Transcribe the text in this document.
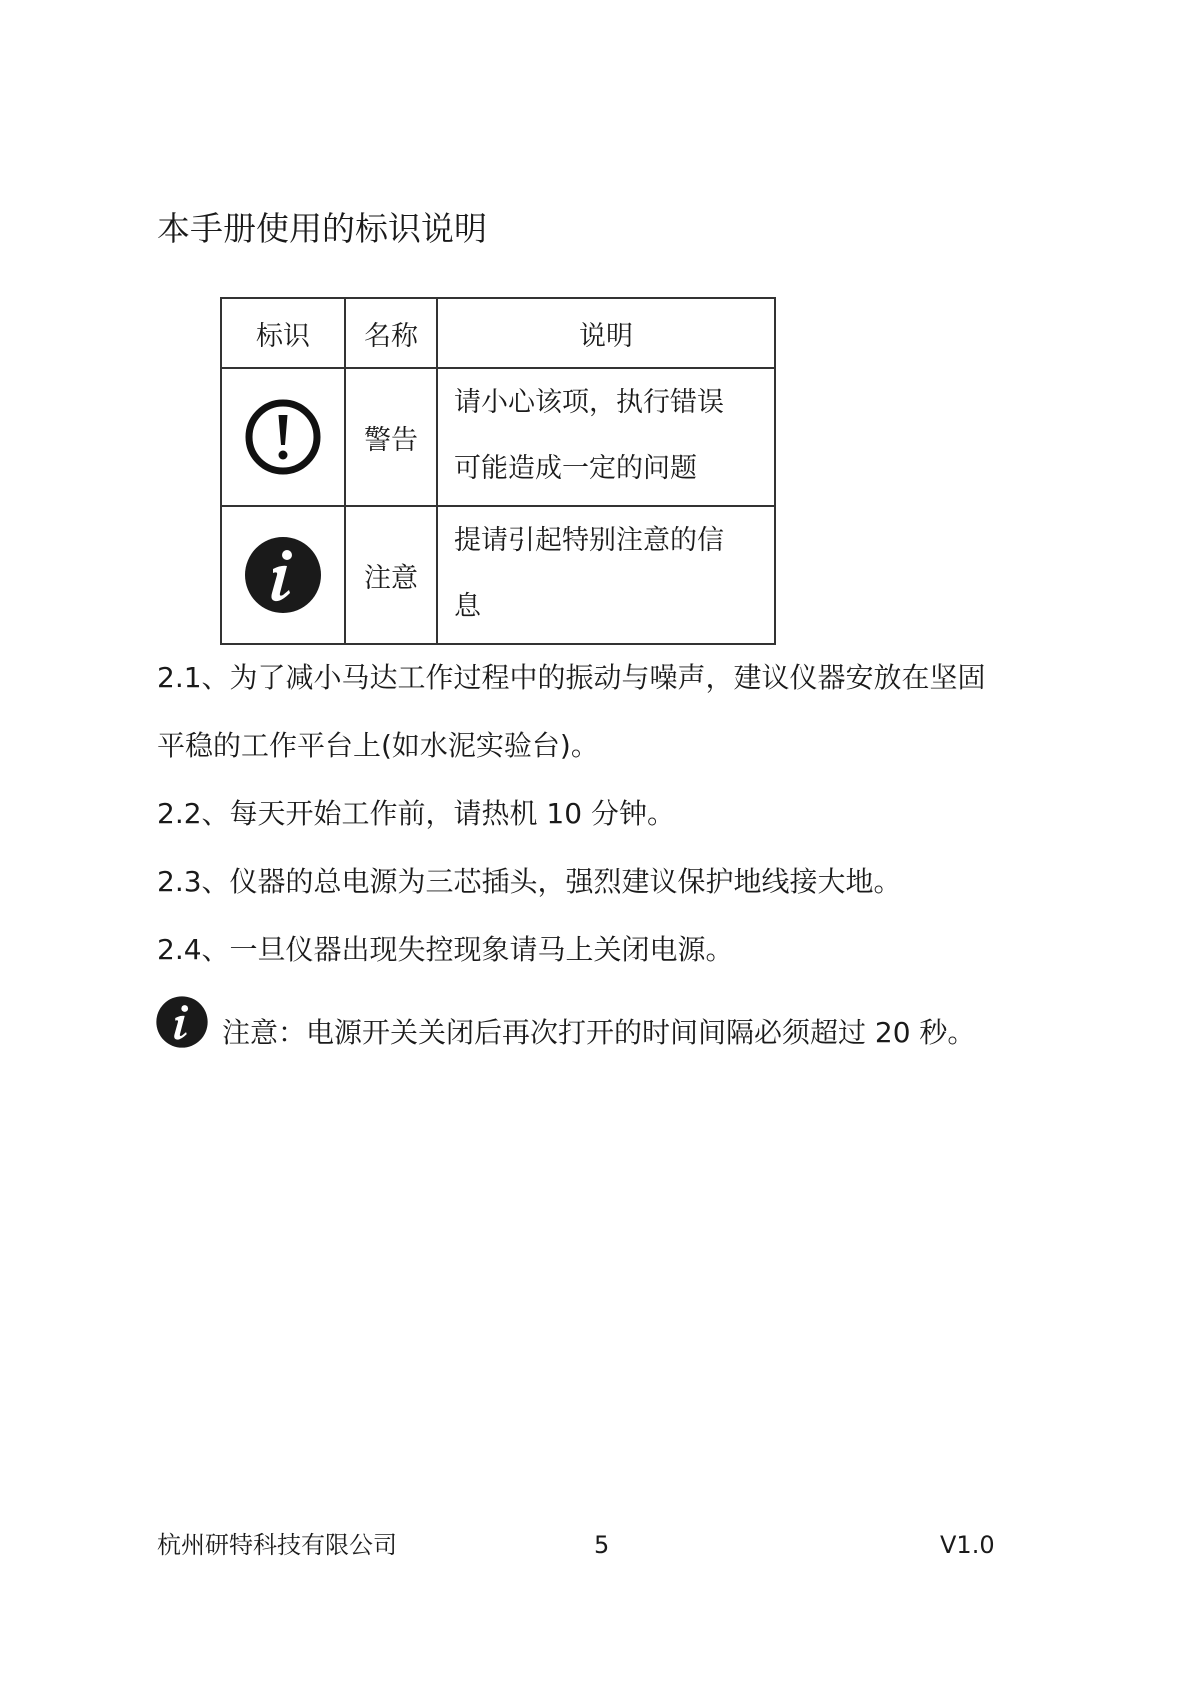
本手册使用的标识说明
标识	名称	说明

	警告	请小心该项，执行错误
可能造成一定的问题

	注意	提请引起特别注意的信
息
2.1、为了减小马达工作过程中的振动与噪声，建议仪器安放在坚固
平稳的工作平台上(如水泥实验台)。
2.2、每天开始工作前，请热机 10 分钟。
2.3、仪器的总电源为三芯插头，强烈建议保护地线接大地。
2.4、一旦仪器出现失控现象请马上关闭电源。
注意：电源开关关闭后再次打开的时间间隔必须超过 20 秒。
杭州研特科技有限公司	5	V1.0
